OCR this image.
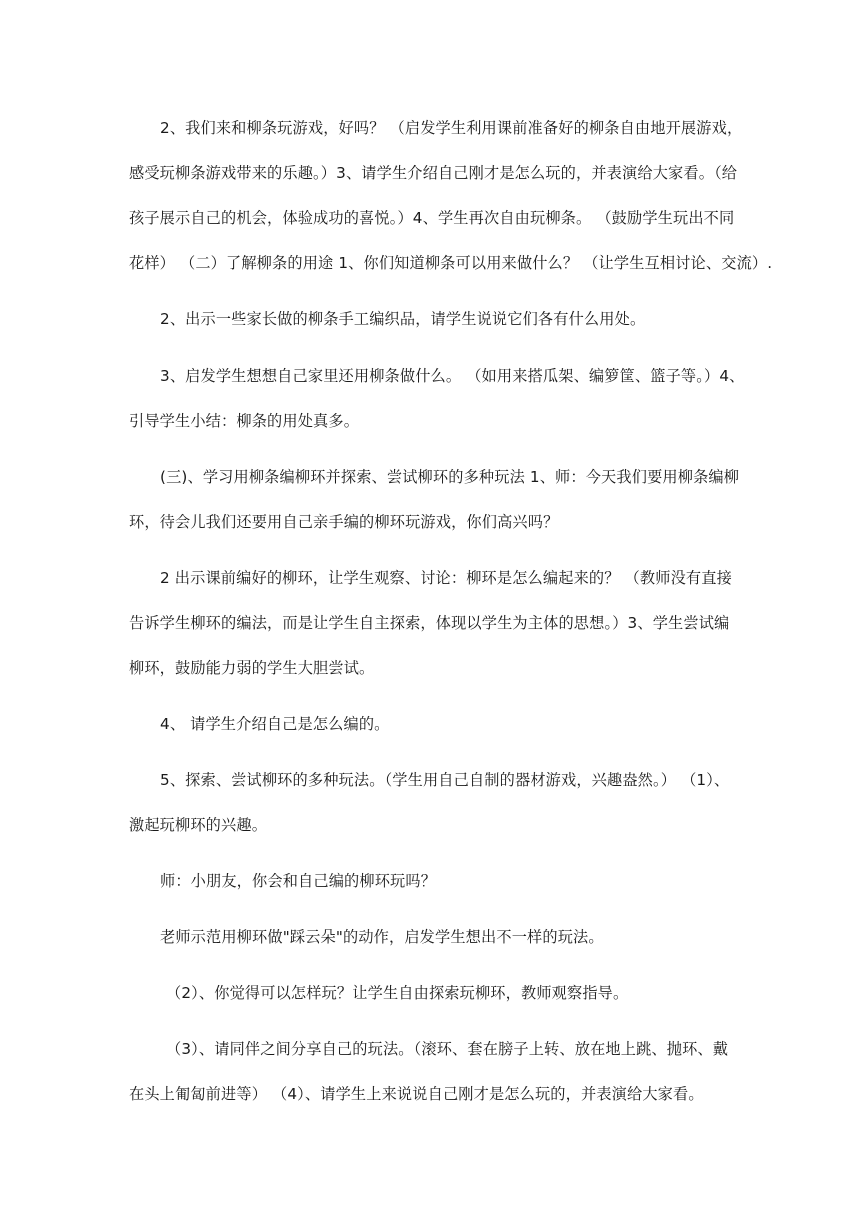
2、我们来和柳条玩游戏，好吗？ （启发学生利用课前准备好的柳条自由地开展游戏，
感受玩柳条游戏带来的乐趣。）3、请学生介绍自己刚才是怎么玩的，并表演给大家看。（给
孩子展示自己的机会，体验成功的喜悦。）4、学生再次自由玩柳条。 （鼓励学生玩出不同
花样） （二）了解柳条的用途 1、你们知道柳条可以用来做什么？ （让学生互相讨论、交流）.
2、出示一些家长做的柳条手工编织品，请学生说说它们各有什么用处。
3、启发学生想想自己家里还用柳条做什么。 （如用来搭瓜架、编箩筐、篮子等。）4、
引导学生小结：柳条的用处真多。
(三)、学习用柳条编柳环并探索、尝试柳环的多种玩法 1、师：今天我们要用柳条编柳
环，待会儿我们还要用自己亲手编的柳环玩游戏，你们高兴吗？
2 出示课前编好的柳环，让学生观察、讨论：柳环是怎么编起来的？ （教师没有直接
告诉学生柳环的编法，而是让学生自主探索，体现以学生为主体的思想。）3、学生尝试编
柳环，鼓励能力弱的学生大胆尝试。
4、 请学生介绍自己是怎么编的。
5、探索、尝试柳环的多种玩法。（学生用自己自制的器材游戏，兴趣盎然。） （1）、
激起玩柳环的兴趣。
师：小朋友，你会和自己编的柳环玩吗？
老师示范用柳环做"踩云朵"的动作，启发学生想出不一样的玩法。
（2）、你觉得可以怎样玩？让学生自由探索玩柳环，教师观察指导。
（3）、请同伴之间分享自己的玩法。（滚环、套在膀子上转、放在地上跳、抛环、戴
在头上匍匐前进等） （4）、请学生上来说说自己刚才是怎么玩的，并表演给大家看。
